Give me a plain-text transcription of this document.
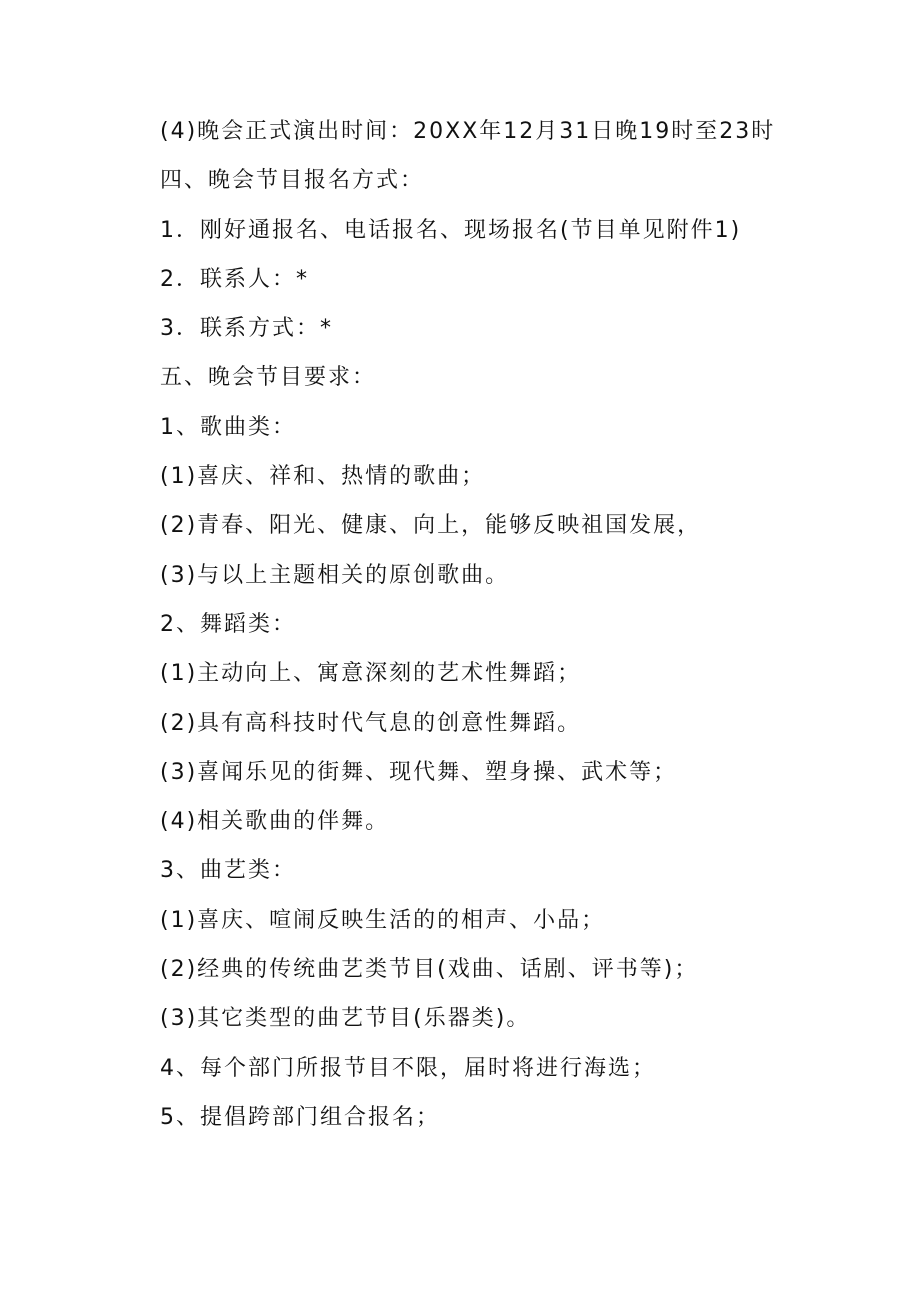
(4)晚会正式演出时间：20XX年12月31日晚19时至23时
四、晚会节目报名方式：
1．刚好通报名、电话报名、现场报名(节目单见附件1)
2．联系人：*
3．联系方式：*
五、晚会节目要求：
1、歌曲类：
(1)喜庆、祥和、热情的歌曲；
(2)青春、阳光、健康、向上，能够反映祖国发展，
(3)与以上主题相关的原创歌曲。
2、舞蹈类：
(1)主动向上、寓意深刻的艺术性舞蹈；
(2)具有高科技时代气息的创意性舞蹈。
(3)喜闻乐见的街舞、现代舞、塑身操、武术等；
(4)相关歌曲的伴舞。
3、曲艺类：
(1)喜庆、喧闹反映生活的的相声、小品；
(2)经典的传统曲艺类节目(戏曲、话剧、评书等)；
(3)其它类型的曲艺节目(乐器类)。
4、每个部门所报节目不限，届时将进行海选；
5、提倡跨部门组合报名；
